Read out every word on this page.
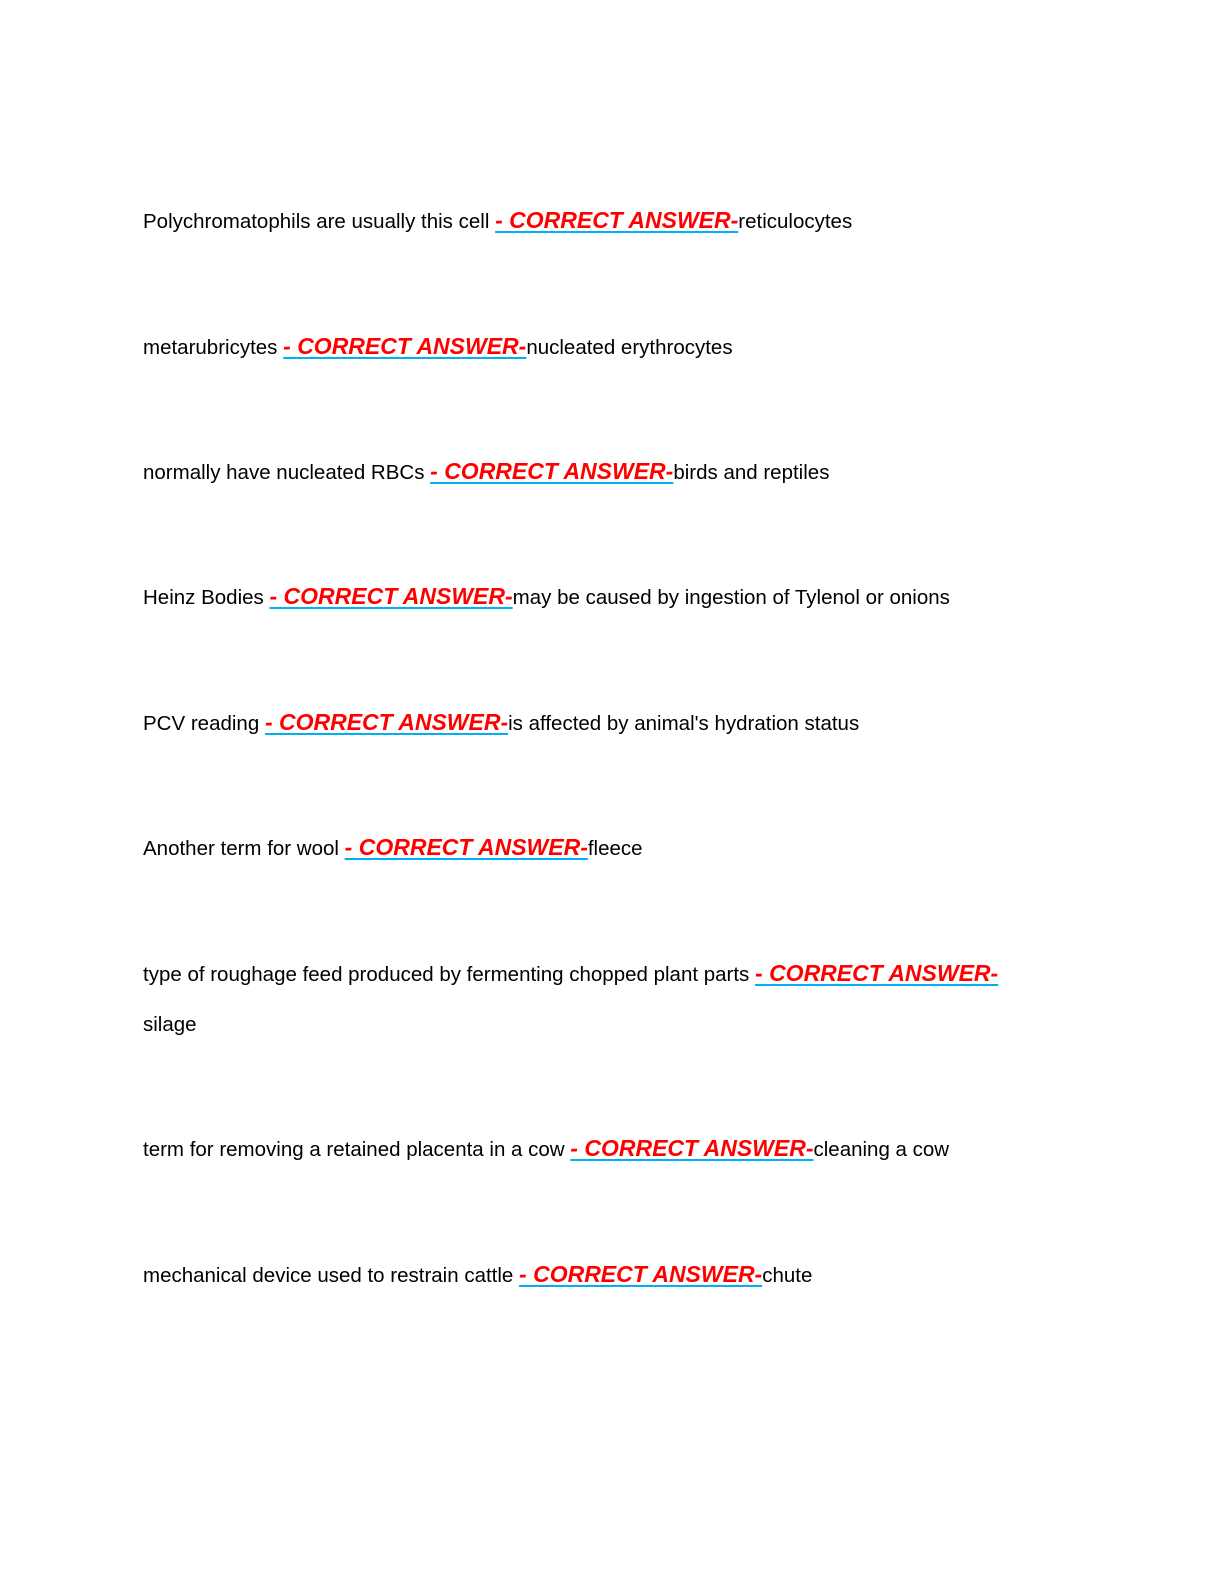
Polychromatophils are usually this cell - CORRECT ANSWER-reticulocytes

metarubricytes - CORRECT ANSWER-nucleated erythrocytes

normally have nucleated RBCs - CORRECT ANSWER-birds and reptiles

Heinz Bodies - CORRECT ANSWER-may be caused by ingestion of Tylenol or onions

PCV reading - CORRECT ANSWER-is affected by animal's hydration status

Another term for wool - CORRECT ANSWER-fleece

type of roughage feed produced by fermenting chopped plant parts - CORRECT ANSWER-silage

term for removing a retained placenta in a cow - CORRECT ANSWER-cleaning a cow

mechanical device used to restrain cattle - CORRECT ANSWER-chute
